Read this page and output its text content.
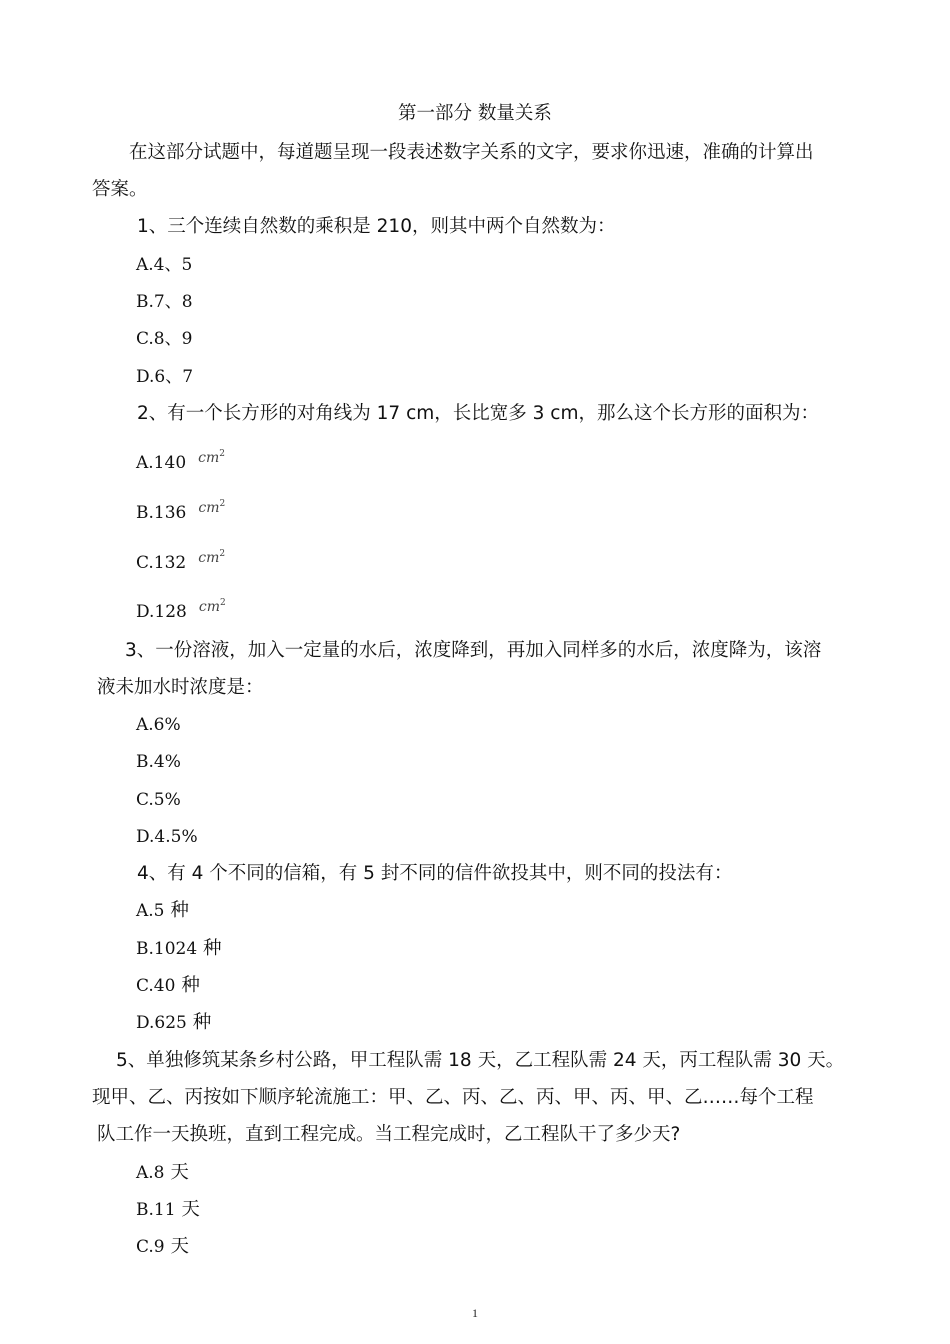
第一部分 数量关系
在这部分试题中，每道题呈现一段表述数字关系的文字，要求你迅速，准确的计算出
答案。
1、三个连续自然数的乘积是 210，则其中两个自然数为：
A.4、5
B.7、8
C.8、9
D.6、7
2、有一个长方形的对角线为 17 cm，长比宽多 3 cm，那么这个长方形的面积为：
A.140 $cm^2$
B.136 $cm^2$
C.132 $cm^2$
D.128 $cm^2$
3、一份溶液，加入一定量的水后，浓度降到，再加入同样多的水后，浓度降为，该溶
液未加水时浓度是：
A.6%
B.4%
C.5%
D.4.5%
4、有 4 个不同的信箱，有 5 封不同的信件欲投其中，则不同的投法有：
A.5 种
B.1024 种
C.40 种
D.625 种
5、单独修筑某条乡村公路，甲工程队需 18 天，乙工程队需 24 天，丙工程队需 30 天。
现甲、乙、丙按如下顺序轮流施工：甲、乙、丙、乙、丙、甲、丙、甲、乙……每个工程
队工作一天换班，直到工程完成。当工程完成时，乙工程队干了多少天?
A.8 天
B.11 天
C.9 天
1
